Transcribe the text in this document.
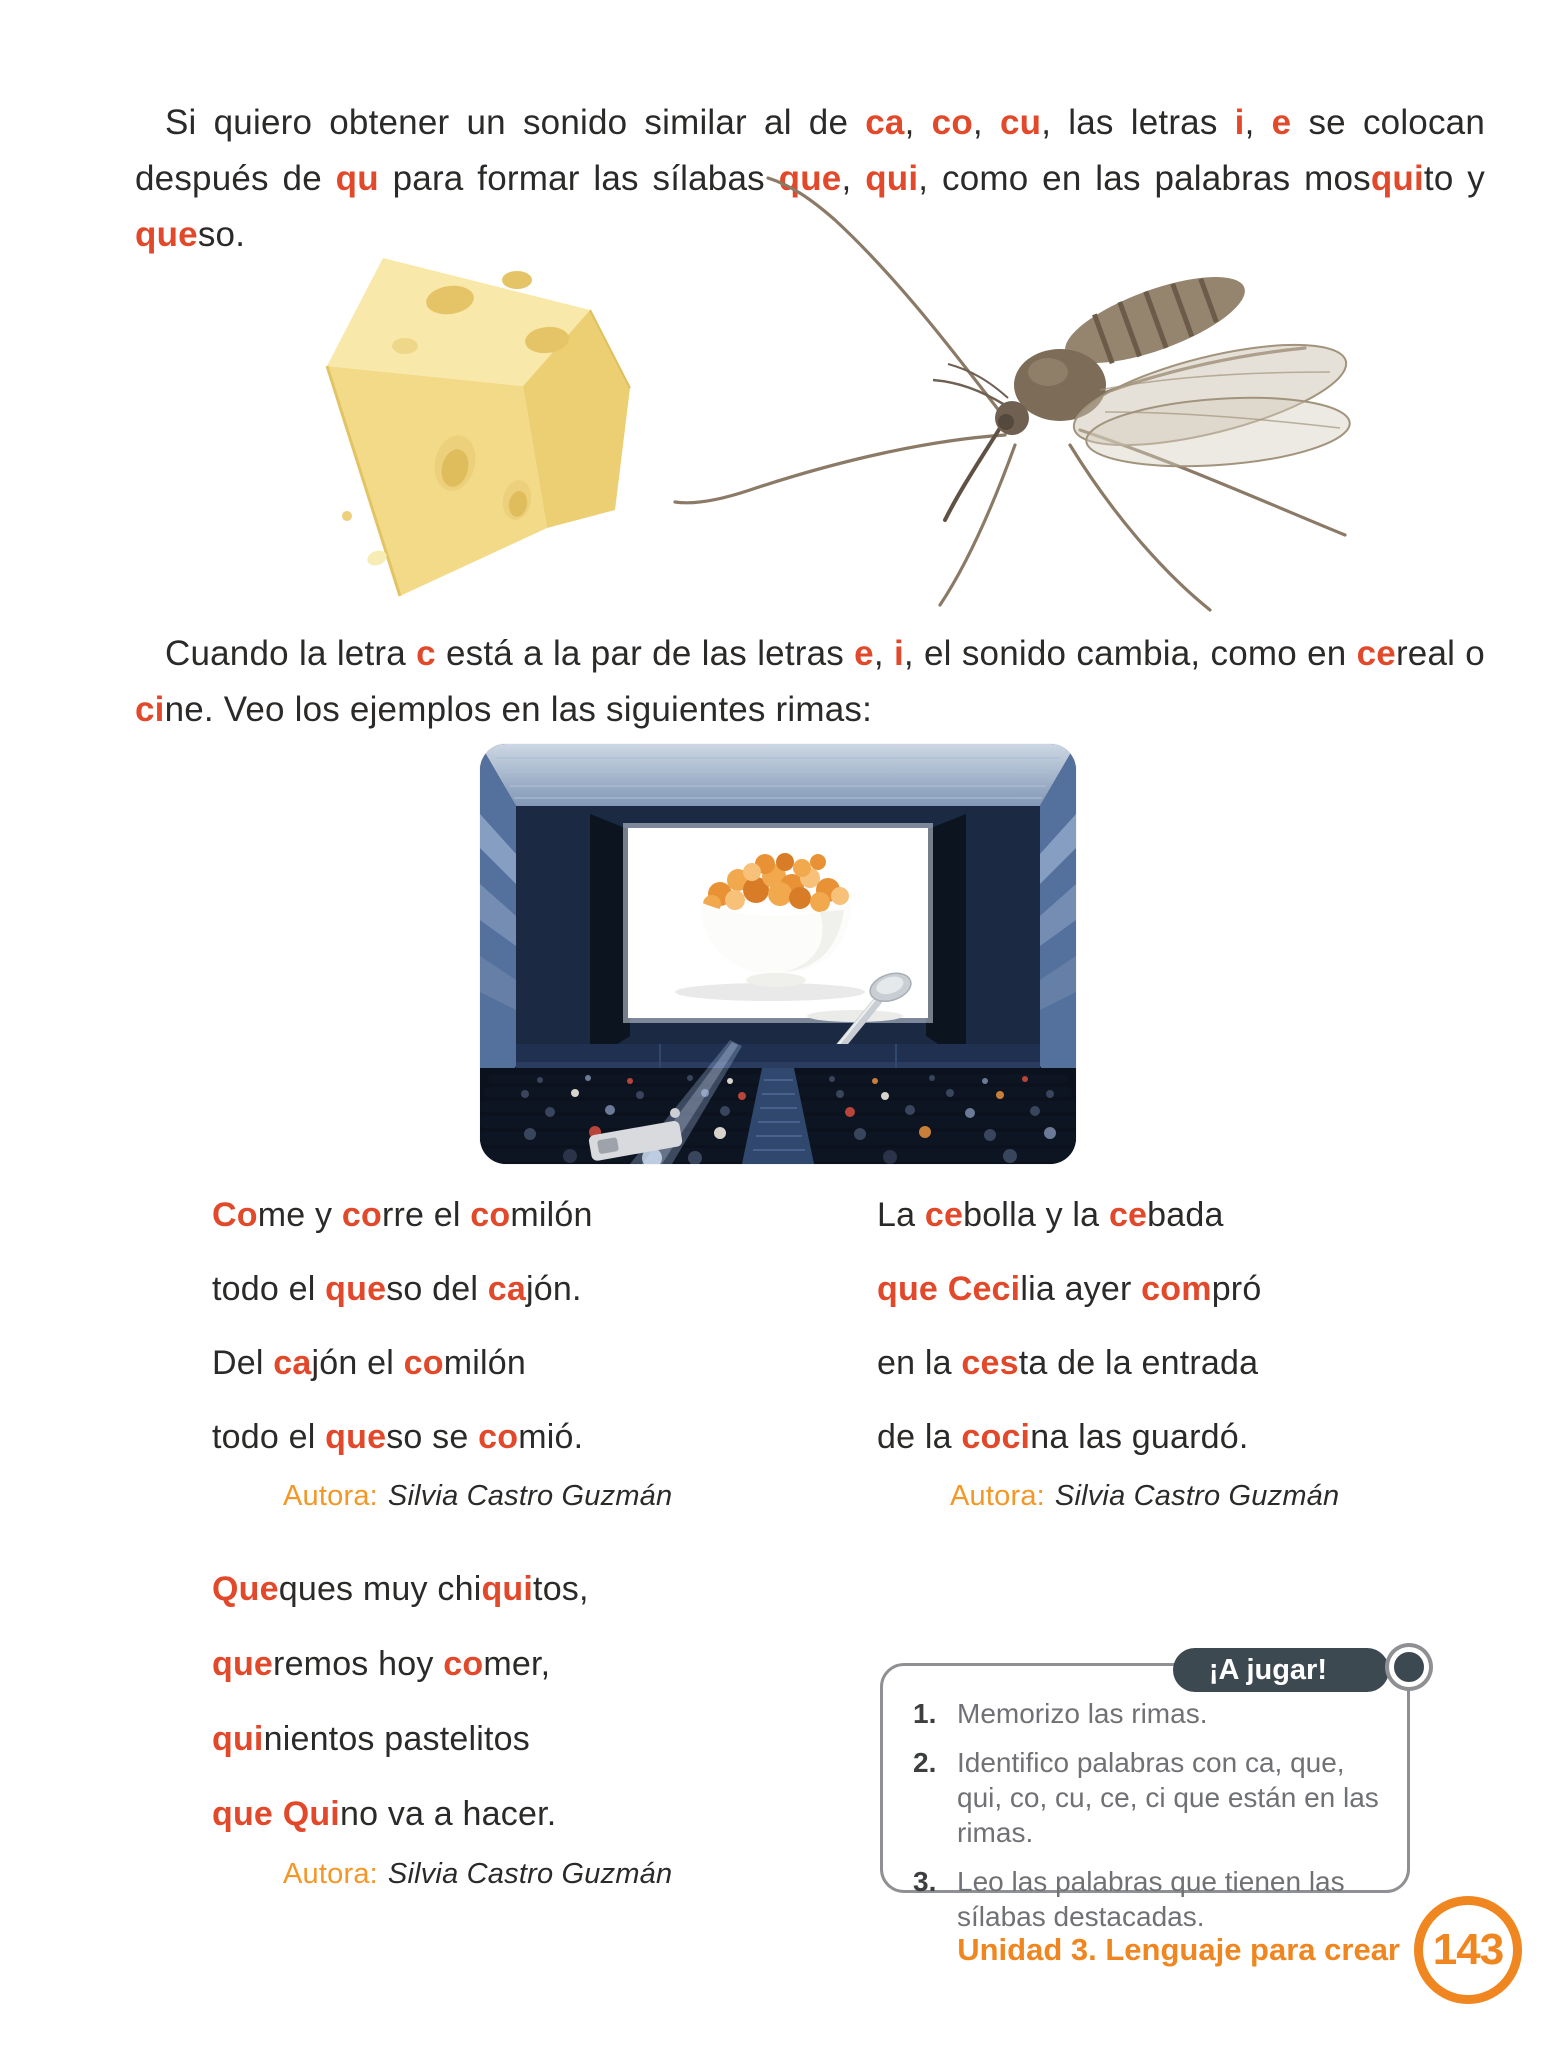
Si quiero obtener un sonido similar al de ca, co, cu, las letras i, e se colocan después de qu para formar las sílabas que, qui, como en las palabras mosquito y queso.
Cuando la letra c está a la par de las letras e, i, el sonido cambia, como en cereal o cine. Veo los ejemplos en las siguientes rimas:
Come y corre el comilón
todo el queso del cajón.
Del cajón el comilón
todo el queso se comió.
Autora: Silvia Castro Guzmán
La cebolla y la cebada
que Cecilia ayer compró
en la cesta de la entrada
de la cocina las guardó.
Autora: Silvia Castro Guzmán
Queques muy chiquitos,
queremos hoy comer,
quinientos pastelitos
que Quino va a hacer.
Autora: Silvia Castro Guzmán
¡A jugar!
1. Memorizo las rimas.
2. Identifico palabras con ca, que, qui, co, cu, ce, ci que están en las rimas.
3. Leo las palabras que tienen las sílabas destacadas.
Unidad 3. Lenguaje para crear 143
